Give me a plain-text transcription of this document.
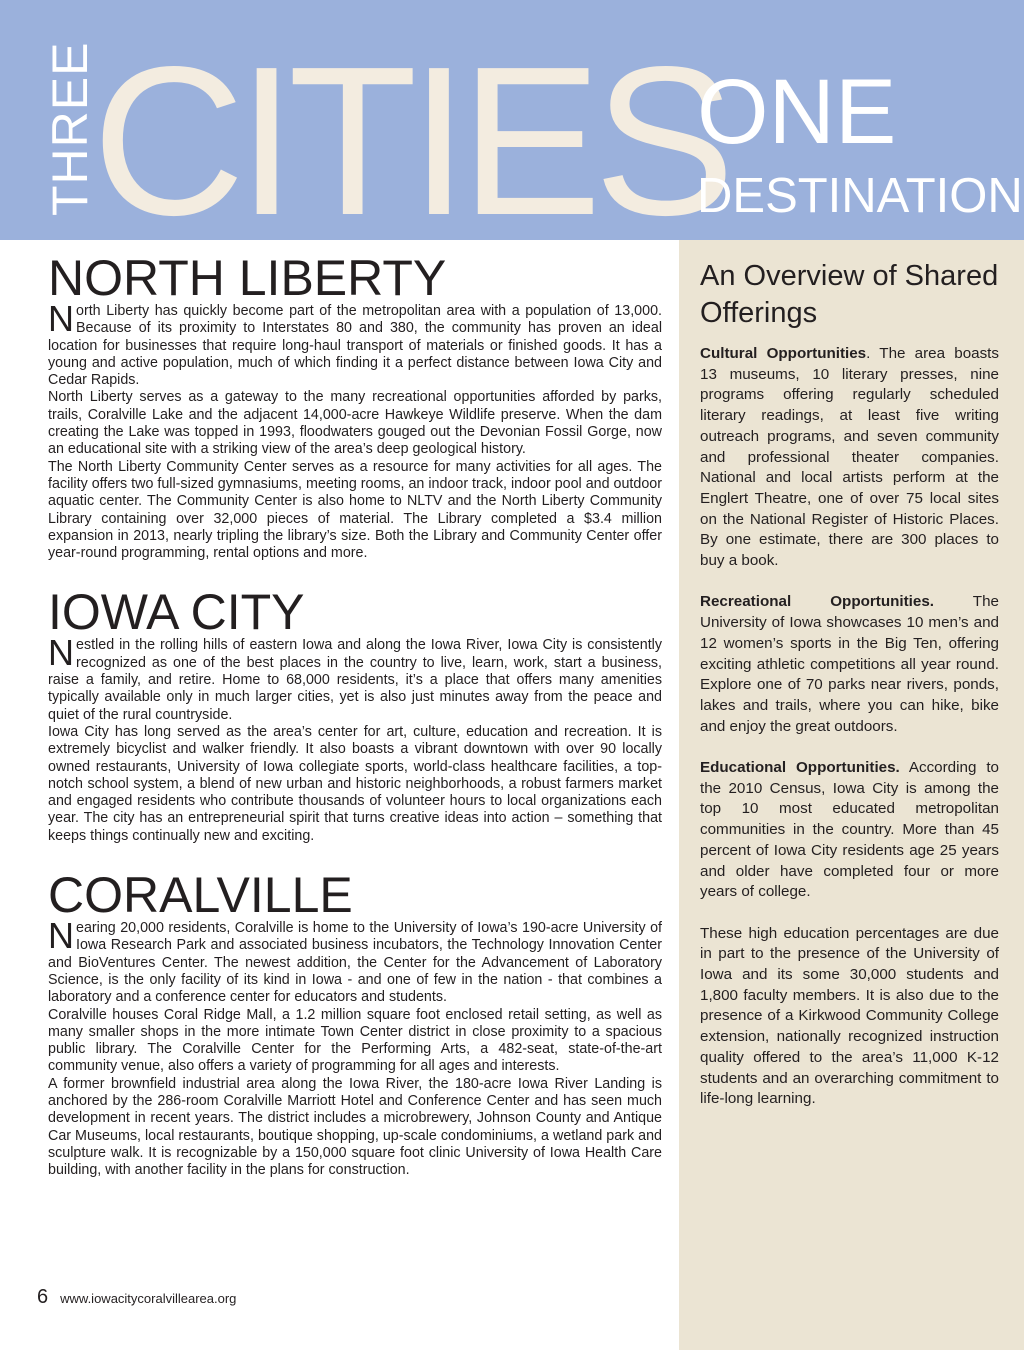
THREE
CITIES
ONE
DESTINATION
NORTH LIBERTY

North Liberty has quickly become part of the metropolitan area with a population of 13,000. Because of its proximity to Interstates 80 and 380, the community has proven an ideal location for businesses that require long-haul transport of materials or finished goods. It has a young and active population, much of which finding it a perfect distance between Iowa City and Cedar Rapids.

North Liberty serves as a gateway to the many recreational opportunities afforded by parks, trails, Coralville Lake and the adjacent 14,000-acre Hawkeye Wildlife preserve. When the dam creating the Lake was topped in 1993, floodwaters gouged out the Devonian Fossil Gorge, now an educational site with a striking view of the area’s deep geological history.

The North Liberty Community Center serves as a resource for many activities for all ages. The facility offers two full-sized gymnasiums, meeting rooms, an indoor track, indoor pool and outdoor aquatic center. The Community Center is also home to NLTV and the North Liberty Community Library containing over 32,000 pieces of material. The Library completed a $3.4 million expansion in 2013, nearly tripling the library’s size. Both the Library and Community Center offer year-round programming, rental options and more.

IOWA CITY

Nestled in the rolling hills of eastern Iowa and along the Iowa River, Iowa City is consistently recognized as one of the best places in the country to live, learn, work, start a business, raise a family, and retire. Home to 68,000 residents, it’s a place that offers many amenities typically available only in much larger cities, yet is also just minutes away from the peace and quiet of the rural countryside.

Iowa City has long served as the area’s center for art, culture, education and recreation. It is extremely bicyclist and walker friendly. It also boasts a vibrant downtown with over 90 locally owned restaurants, University of Iowa collegiate sports, world-class healthcare facilities, a top-notch school system, a blend of new urban and historic neighborhoods, a robust farmers market and engaged residents who contribute thousands of volunteer hours to local organizations each year. The city has an entrepreneurial spirit that turns creative ideas into action – something that keeps things continually new and exciting.

CORALVILLE

Nearing 20,000 residents, Coralville is home to the University of Iowa’s 190-acre University of Iowa Research Park and associated business incubators, the Technology Innovation Center and BioVentures Center. The newest addition, the Center for the Advancement of Laboratory Science, is the only facility of its kind in Iowa - and one of few in the nation - that combines a laboratory and a conference center for educators and students.

Coralville houses Coral Ridge Mall, a 1.2 million square foot enclosed retail setting, as well as many smaller shops in the more intimate Town Center district in close proximity to a spacious public library. The Coralville Center for the Performing Arts, a 482-seat, state-of-the-art community venue, also offers a variety of programming for all ages and interests.

A former brownfield industrial area along the Iowa River, the 180-acre Iowa River Landing is anchored by the 286-room Coralville Marriott Hotel and Conference Center and has seen much development in recent years. The district includes a microbrewery, Johnson County and Antique Car Museums, local restaurants, boutique shopping, up-scale condominiums, a wetland park and sculpture walk. It is recognizable by a 150,000 square foot clinic University of Iowa Health Care building, with another facility in the plans for construction.

An Overview of Shared Offerings

Cultural Opportunities. The area boasts 13 museums, 10 literary presses, nine programs offering regularly scheduled literary readings, at least five writing outreach programs, and seven community and professional theater companies. National and local artists perform at the Englert Theatre, one of over 75 local sites on the National Register of Historic Places. By one estimate, there are 300 places to buy a book.

Recreational Opportunities. The University of Iowa showcases 10 men’s and 12 women’s sports in the Big Ten, offering exciting athletic competitions all year round. Explore one of 70 parks near rivers, ponds, lakes and trails, where you can hike, bike and enjoy the great outdoors.

Educational Opportunities. According to the 2010 Census, Iowa City is among the top 10 most educated metropolitan communities in the country. More than 45 percent of Iowa City residents age 25 years and older have completed four or more years of college.

These high education percentages are due in part to the presence of the University of Iowa and its some 30,000 students and 1,800 faculty members. It is also due to the presence of a Kirkwood Community College extension, nationally recognized instruction quality offered to the area’s 11,000 K-12 students and an overarching commitment to life-long learning.

6 www.iowacitycoralvillearea.org
